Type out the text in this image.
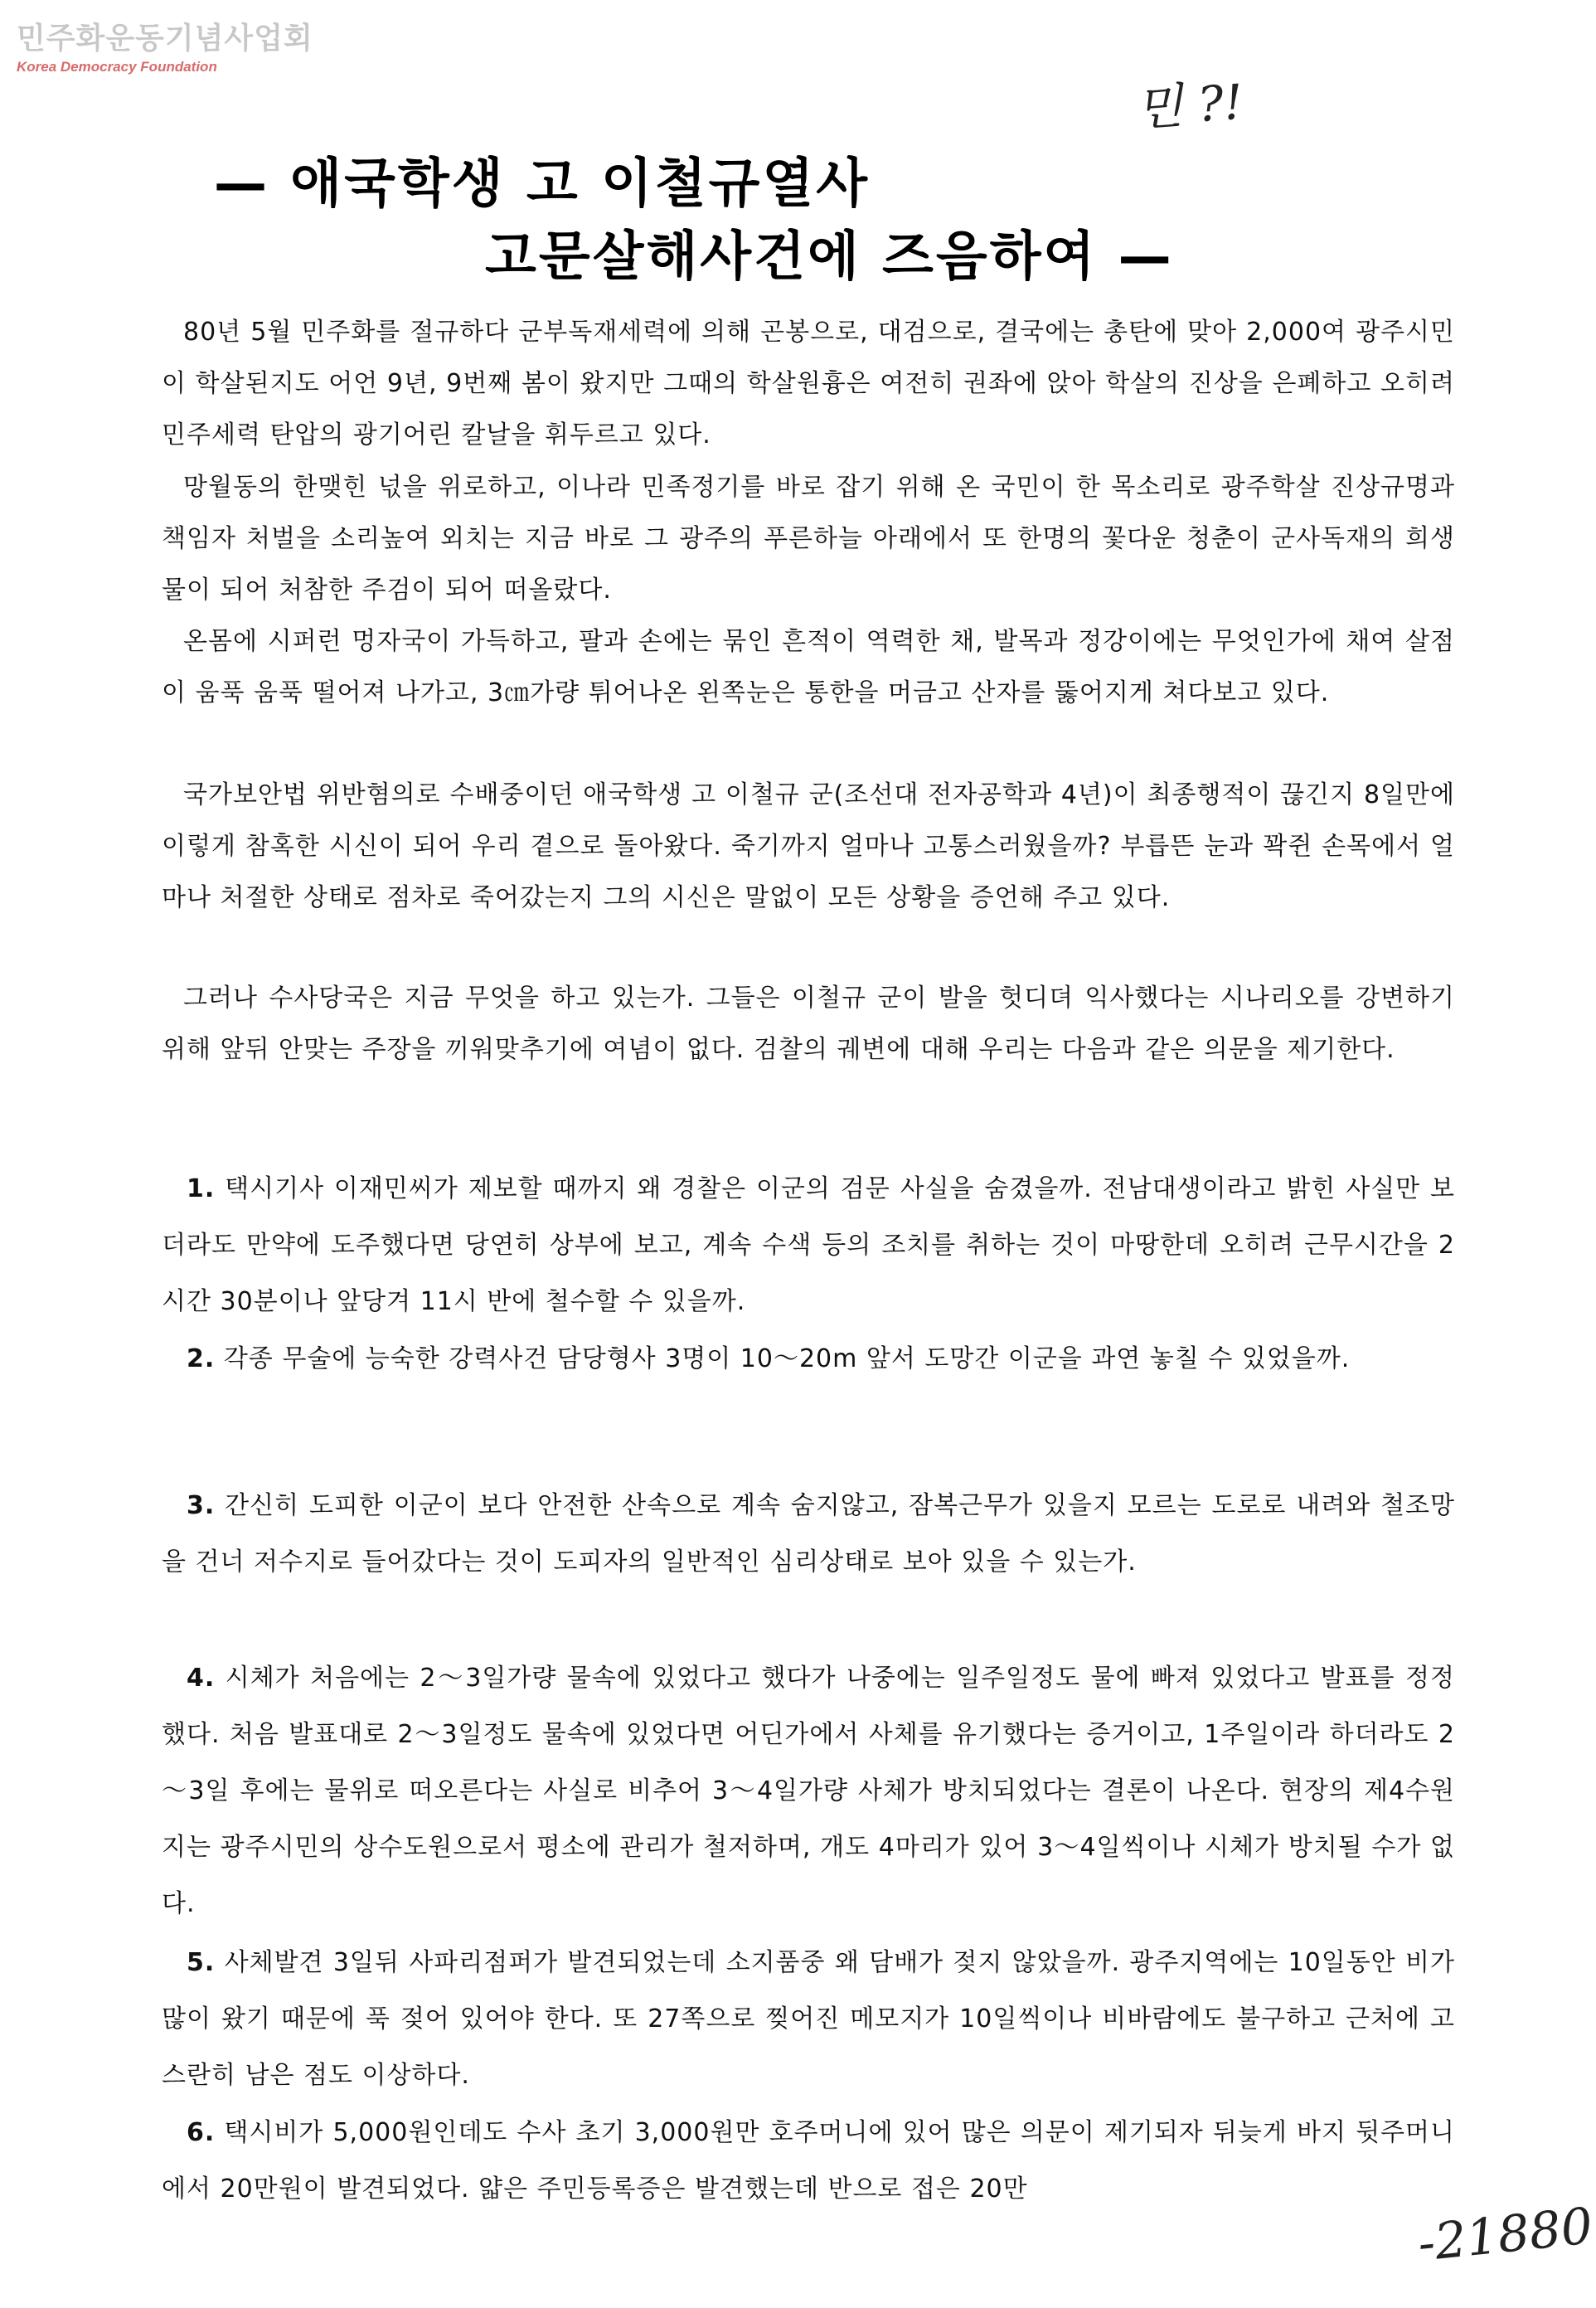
민주화운동기념사업회
Korea Democracy Foundation
민 ?!
— 애국학생 고 이철규열사
고문살해사건에 즈음하여 —
80년 5월 민주화를 절규하다 군부독재세력에 의해 곤봉으로, 대검으로, 결국에는 총탄에 맞아 2,000여 광주시민이 학살된지도 어언 9년, 9번째 봄이 왔지만 그때의 학살원흉은 여전히 권좌에 앉아 학살의 진상을 은폐하고 오히려 민주세력 탄압의 광기어린 칼날을 휘두르고 있다.
망월동의 한맺힌 넋을 위로하고, 이나라 민족정기를 바로 잡기 위해 온 국민이 한 목소리로 광주학살 진상규명과 책임자 처벌을 소리높여 외치는 지금 바로 그 광주의 푸른하늘 아래에서 또 한명의 꽃다운 청춘이 군사독재의 희생물이 되어 처참한 주검이 되어 떠올랐다.
온몸에 시퍼런 멍자국이 가득하고, 팔과 손에는 묶인 흔적이 역력한 채, 발목과 정강이에는 무엇인가에 채여 살점이 움푹 움푹 떨어져 나가고, 3㎝가량 튀어나온 왼쪽눈은 통한을 머금고 산자를 뚫어지게 쳐다보고 있다.
국가보안법 위반혐의로 수배중이던 애국학생 고 이철규 군(조선대 전자공학과 4년)이 최종행적이 끊긴지 8일만에 이렇게 참혹한 시신이 되어 우리 곁으로 돌아왔다. 죽기까지 얼마나 고통스러웠을까? 부릅뜬 눈과 꽉쥔 손목에서 얼마나 처절한 상태로 점차로 죽어갔는지 그의 시신은 말없이 모든 상황을 증언해 주고 있다.
그러나 수사당국은 지금 무엇을 하고 있는가. 그들은 이철규 군이 발을 헛디뎌 익사했다는 시나리오를 강변하기 위해 앞뒤 안맞는 주장을 끼워맞추기에 여념이 없다. 검찰의 궤변에 대해 우리는 다음과 같은 의문을 제기한다.
1. 택시기사 이재민씨가 제보할 때까지 왜 경찰은 이군의 검문 사실을 숨겼을까. 전남대생이라고 밝힌 사실만 보더라도 만약에 도주했다면 당연히 상부에 보고, 계속 수색 등의 조치를 취하는 것이 마땅한데 오히려 근무시간을 2시간 30분이나 앞당겨 11시 반에 철수할 수 있을까.
2. 각종 무술에 능숙한 강력사건 담당형사 3명이 10～20m 앞서 도망간 이군을 과연 놓칠 수 있었을까.
3. 간신히 도피한 이군이 보다 안전한 산속으로 계속 숨지않고, 잠복근무가 있을지 모르는 도로로 내려와 철조망을 건너 저수지로 들어갔다는 것이 도피자의 일반적인 심리상태로 보아 있을 수 있는가.
4. 시체가 처음에는 2～3일가량 물속에 있었다고 했다가 나중에는 일주일정도 물에 빠져 있었다고 발표를 정정했다. 처음 발표대로 2～3일정도 물속에 있었다면 어딘가에서 사체를 유기했다는 증거이고, 1주일이라 하더라도 2～3일 후에는 물위로 떠오른다는 사실로 비추어 3～4일가량 사체가 방치되었다는 결론이 나온다. 현장의 제4수원지는 광주시민의 상수도원으로서 평소에 관리가 철저하며, 개도 4마리가 있어 3～4일씩이나 시체가 방치될 수가 없다.
5. 사체발견 3일뒤 사파리점퍼가 발견되었는데 소지품중 왜 담배가 젖지 않았을까. 광주지역에는 10일동안 비가 많이 왔기 때문에 푹 젖어 있어야 한다. 또 27쪽으로 찢어진 메모지가 10일씩이나 비바람에도 불구하고 근처에 고스란히 남은 점도 이상하다.
6. 택시비가 5,000원인데도 수사 초기 3,000원만 호주머니에 있어 많은 의문이 제기되자 뒤늦게 바지 뒷주머니에서 20만원이 발견되었다. 얇은 주민등록증은 발견했는데 반으로 접은 20만
-21880
